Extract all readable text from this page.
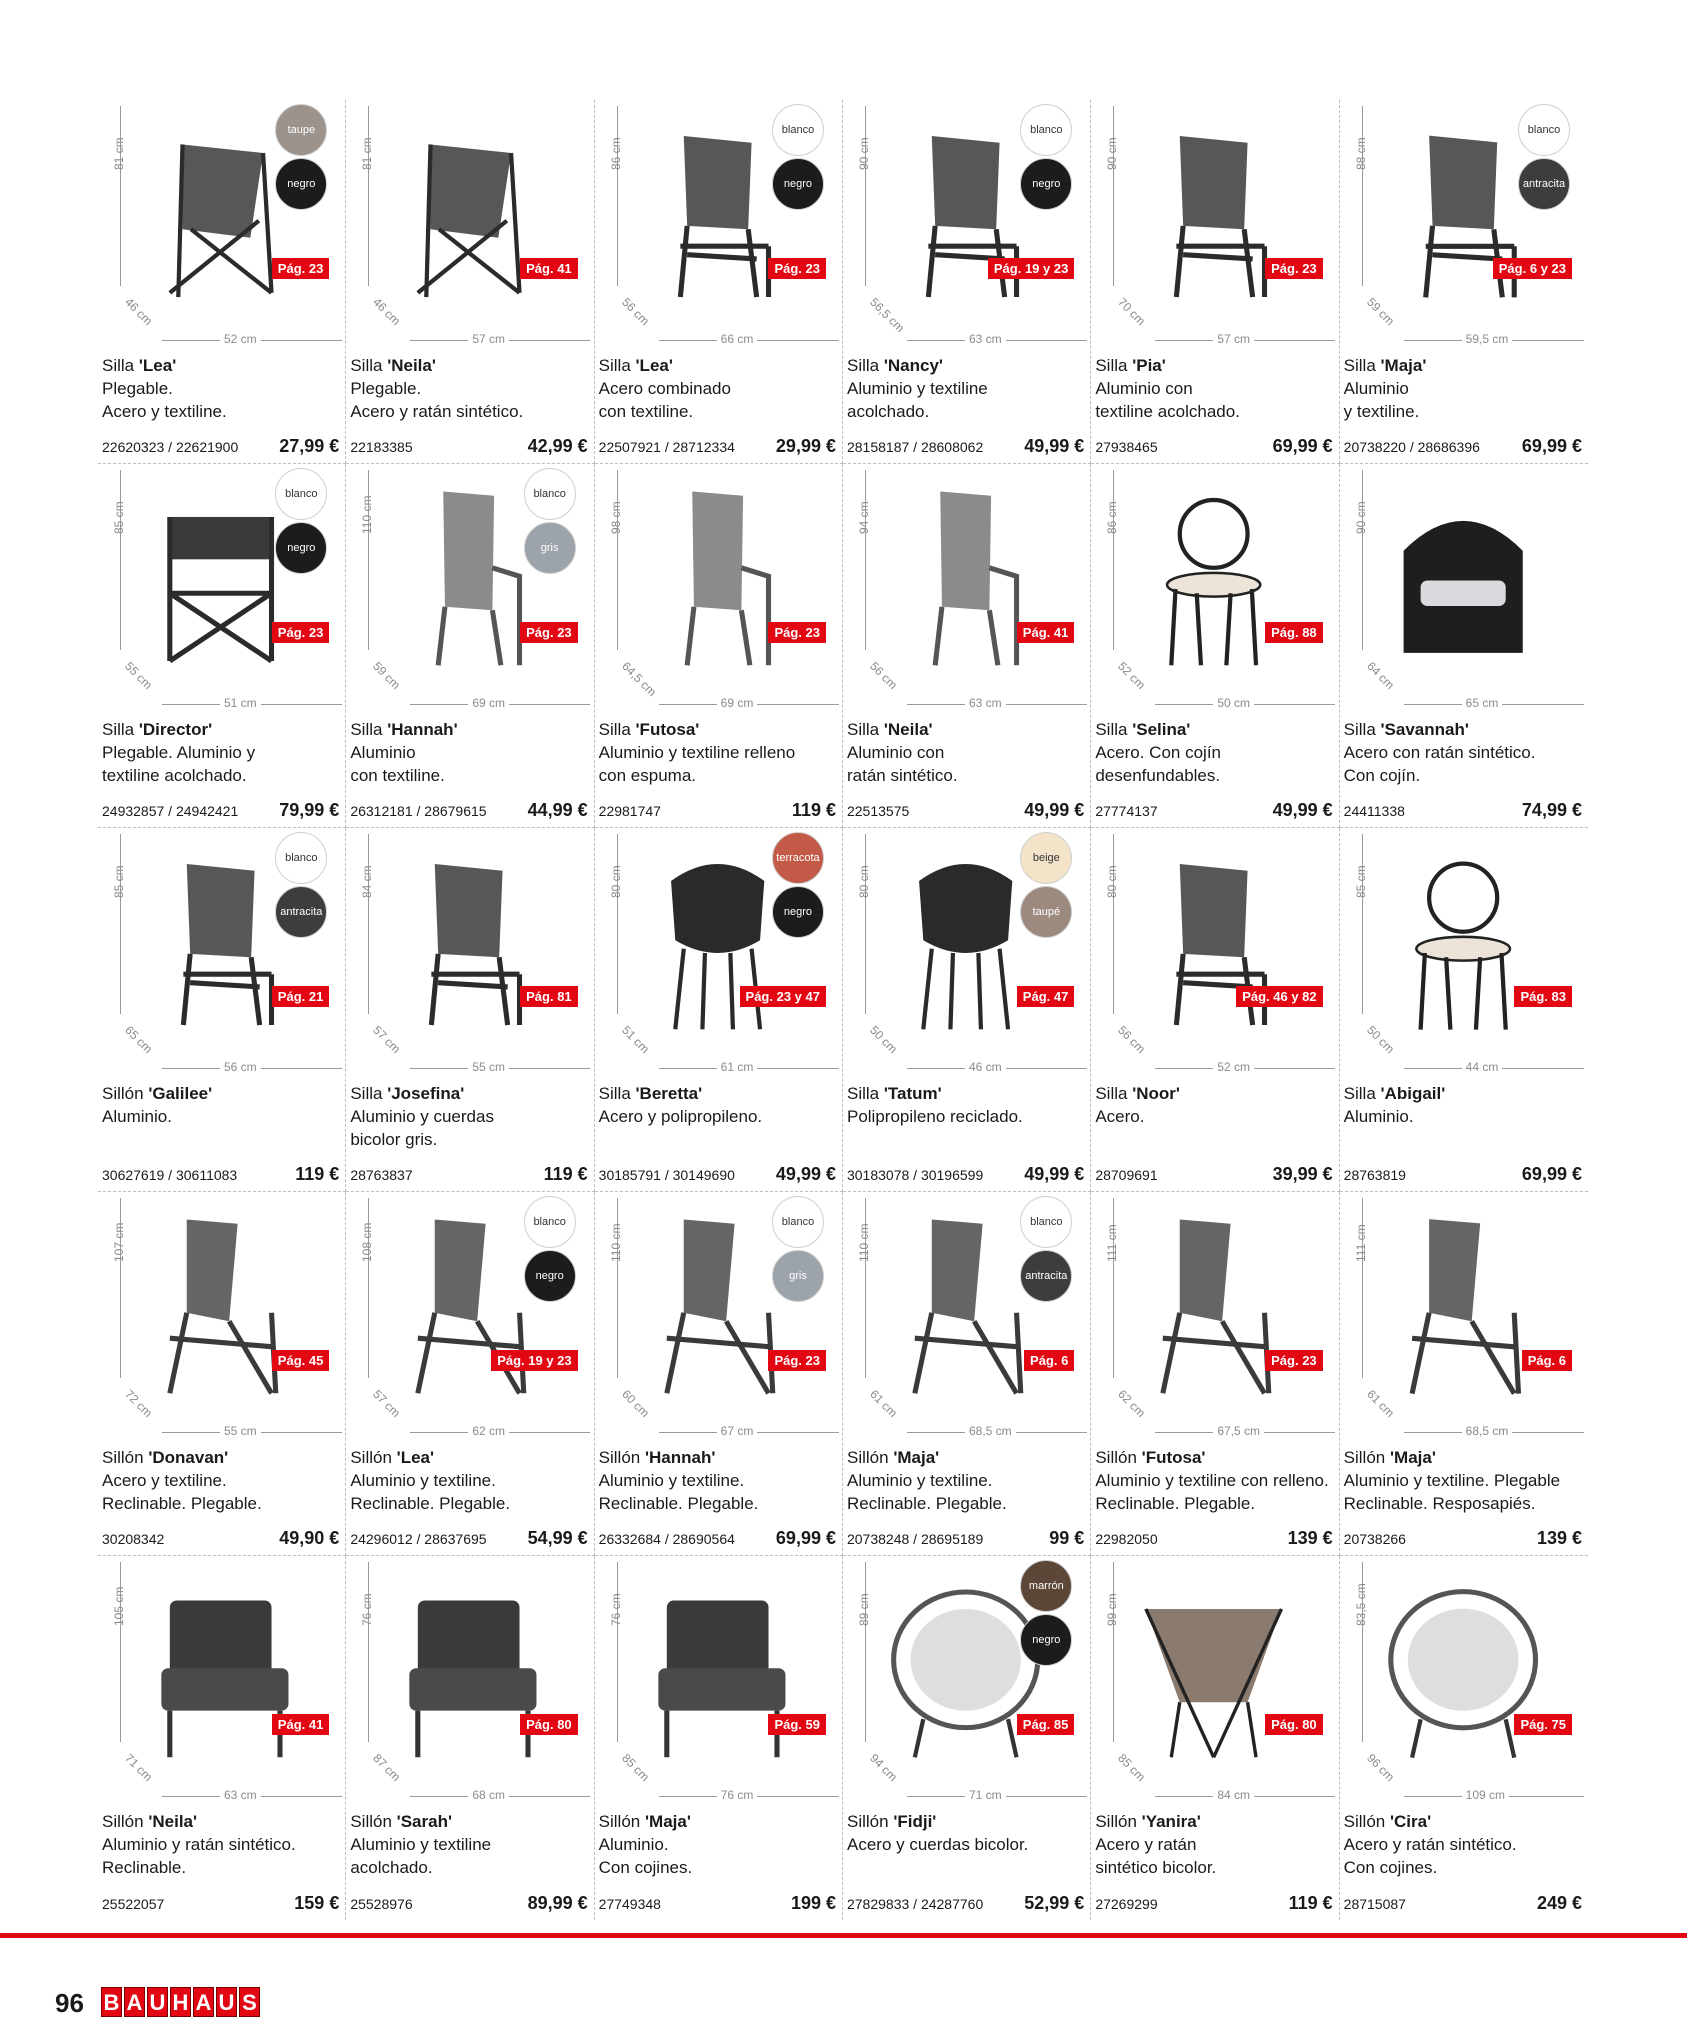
81 cm
46 cm
52 cm
taupe
negro
Pág. 23
Silla 'Lea'
Plegable.
Acero y textiline.
22620323 / 22621900 27,99 €
81 cm
46 cm
57 cm
Pág. 41
Silla 'Neila'
Plegable.
Acero y ratán sintético.
22183385	42,99 €
86 cm
56 cm
66 cm
blanco
negro
Pág. 23
Silla 'Lea'
Acero combinado
con textiline.
22507921 / 28712334 29,99 €
90 cm
56,5 cm
63 cm
blanco
negro
Pág. 19 y 23
Silla 'Nancy'
Aluminio y textiline
acolchado.
28158187 / 28608062 49,99 €
90 cm
70 cm
57 cm
Pág. 23
Silla 'Pia'
Aluminio con
textiline acolchado.
27938465	69,99 €
88 cm
59 cm
59,5 cm
blanco
antracita
Pág. 6 y 23
Silla 'Maja'
Aluminio
y textiline.
20738220 / 28686396 69,99 €
85 cm
55 cm
51 cm
blanco
negro
Pág. 23
Silla 'Director'
Plegable. Aluminio y
textiline acolchado.
24932857 / 24942421 79,99 €
110 cm
59 cm
69 cm
blanco
gris
Pág. 23
Silla 'Hannah'
Aluminio
con textiline.
26312181 / 28679615 44,99 €
98 cm
64,5 cm
69 cm
Pág. 23
Silla 'Futosa'
Aluminio y textiline relleno
con espuma.
22981747	119 €
94 cm
56 cm
63 cm
Pág. 41
Silla 'Neila'
Aluminio con
ratán sintético.
22513575	49,99 €
86 cm
52 cm
50 cm
Pág. 88
Silla 'Selina'
Acero. Con cojín
desenfundables.
27774137	49,99 €
90 cm
64 cm
65 cm
Silla 'Savannah'
Acero con ratán sintético.
Con cojín.
24411338	74,99 €
85 cm
65 cm
56 cm
blanco
antracita
Pág. 21
Sillón 'Galilee'
Aluminio.
30627619 / 30611083	119 €
84 cm
57 cm
55 cm
Pág. 81
Silla 'Josefina'
Aluminio y cuerdas
bicolor gris.
28763837	119 €
80 cm
51 cm
61 cm
terracota
negro
Pág. 23 y 47
Silla 'Beretta'
Acero y polipropileno.
30185791 / 30149690 49,99 €
80 cm
50 cm
46 cm
beige
taupé
Pág. 47
Silla 'Tatum'
Polipropileno reciclado.
30183078 / 30196599 49,99 €
80 cm
56 cm
52 cm
Pág. 46 y 82
Silla 'Noor'
Acero.
28709691	39,99 €
85 cm
50 cm
44 cm
Pág. 83
Silla 'Abigail'
Aluminio.
28763819	69,99 €
107 cm
72 cm
55 cm
Pág. 45
Sillón 'Donavan'
Acero y textiline.
Reclinable. Plegable.
30208342	49,90 €
108 cm
57 cm
62 cm
blanco
negro
Pág. 19 y 23
Sillón 'Lea'
Aluminio y textiline.
Reclinable. Plegable.
24296012 / 28637695 54,99 €
110 cm
60 cm
67 cm
blanco
gris
Pág. 23
Sillón 'Hannah'
Aluminio y textiline.
Reclinable. Plegable.
26332684 / 28690564 69,99 €
110 cm
61 cm
68,5 cm
blanco
antracita
Pág. 6
Sillón 'Maja'
Aluminio y textiline.
Reclinable. Plegable.
20738248 / 28695189	99 €
111 cm
62 cm
67,5 cm
Pág. 23
Sillón 'Futosa'
Aluminio y textiline con relleno.
Reclinable. Plegable.
22982050	139 €
111 cm
61 cm
68,5 cm
Pág. 6
Sillón 'Maja'
Aluminio y textiline. Plegable
Reclinable. Resposapiés.
20738266	139 €
105 cm
71 cm
63 cm
Pág. 41
Sillón 'Neila'
Aluminio y ratán sintético.
Reclinable.
25522057	159 €
76 cm
87 cm
68 cm
Pág. 80
Sillón 'Sarah'
Aluminio y textiline
acolchado.
25528976	89,99 €
76 cm
85 cm
76 cm
Pág. 59
Sillón 'Maja'
Aluminio.
Con cojines.
27749348	199 €
89 cm
94 cm
71 cm
marrón
negro
Pág. 85
Sillón 'Fidji'
Acero y cuerdas bicolor.
27829833 / 24287760 52,99 €
99 cm
85 cm
84 cm
Pág. 80
Sillón 'Yanira'
Acero y ratán
sintético bicolor.
27269299	119 €
83,5 cm
96 cm
109 cm
Pág. 75
Sillón 'Cira'
Acero y ratán sintético.
Con cojines.
28715087	249 €
96 B A U H A U S
